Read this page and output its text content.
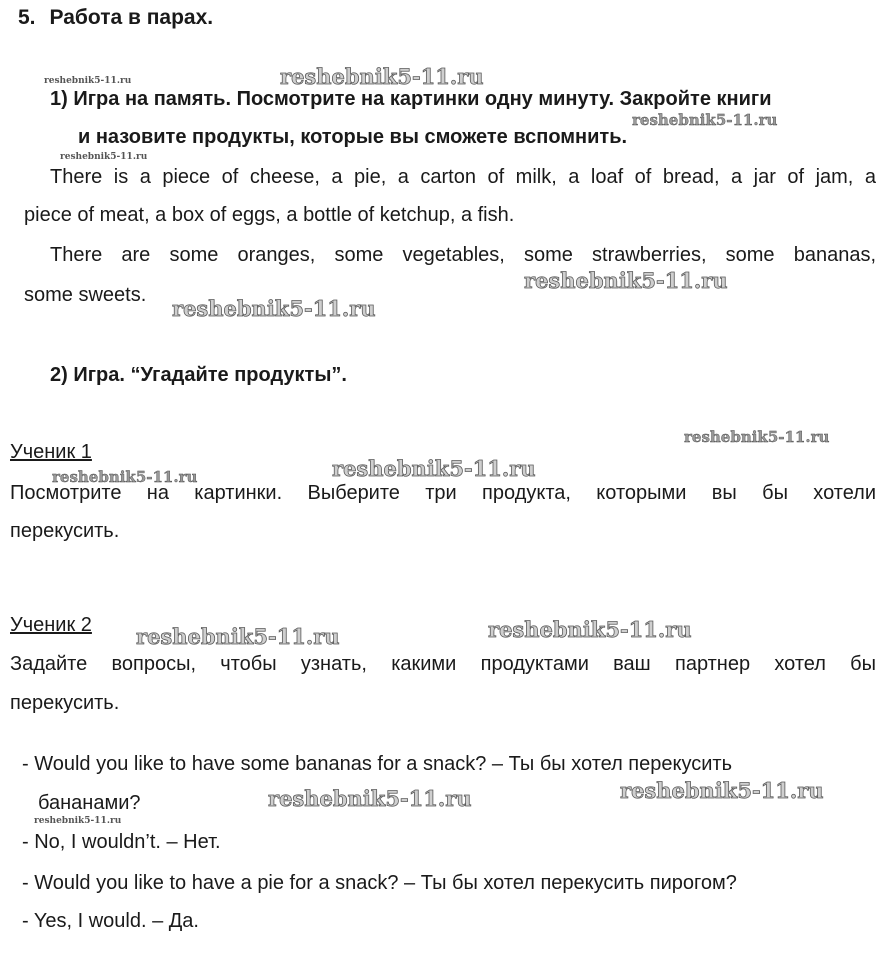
5. Работа в парах.
1) Игра на память. Посмотрите на картинки одну минуту. Закройте книги
и назовите продукты, которые вы сможете вспомнить.
There is a piece of cheese, a pie, a carton of milk, a loaf of bread, a jar of jam, a
piece of meat, a box of eggs, a bottle of ketchup, a fish.
There are some oranges, some vegetables, some strawberries, some bananas,
some sweets.
2) Игра. “Угадайте продукты”.
Ученик 1
Посмотрите на картинки. Выберите три продукта, которыми вы бы хотели
перекусить.
Ученик 2
Задайте вопросы, чтобы узнать, какими продуктами ваш партнер хотел бы
перекусить.
- Would you like to have some bananas for a snack? – Ты бы хотел перекусить
бананами?
- No, I wouldn’t. – Нет.
- Would you like to have a pie for a snack? – Ты бы хотел перекусить пирогом?
- Yes, I would. – Да.
reshebnik5-11.ru	reshebnik5-11.ru
reshebnik5-11.ru
reshebnik5-11.ru
reshebnik5-11.ru
reshebnik5-11.ru
reshebnik5-11.ru
reshebnik5-11.ru	reshebnik5-11.ru
reshebnik5-11.ru	reshebnik5-11.ru
reshebnik5-11.ru	reshebnik5-11.ru
reshebnik5-11.ru
